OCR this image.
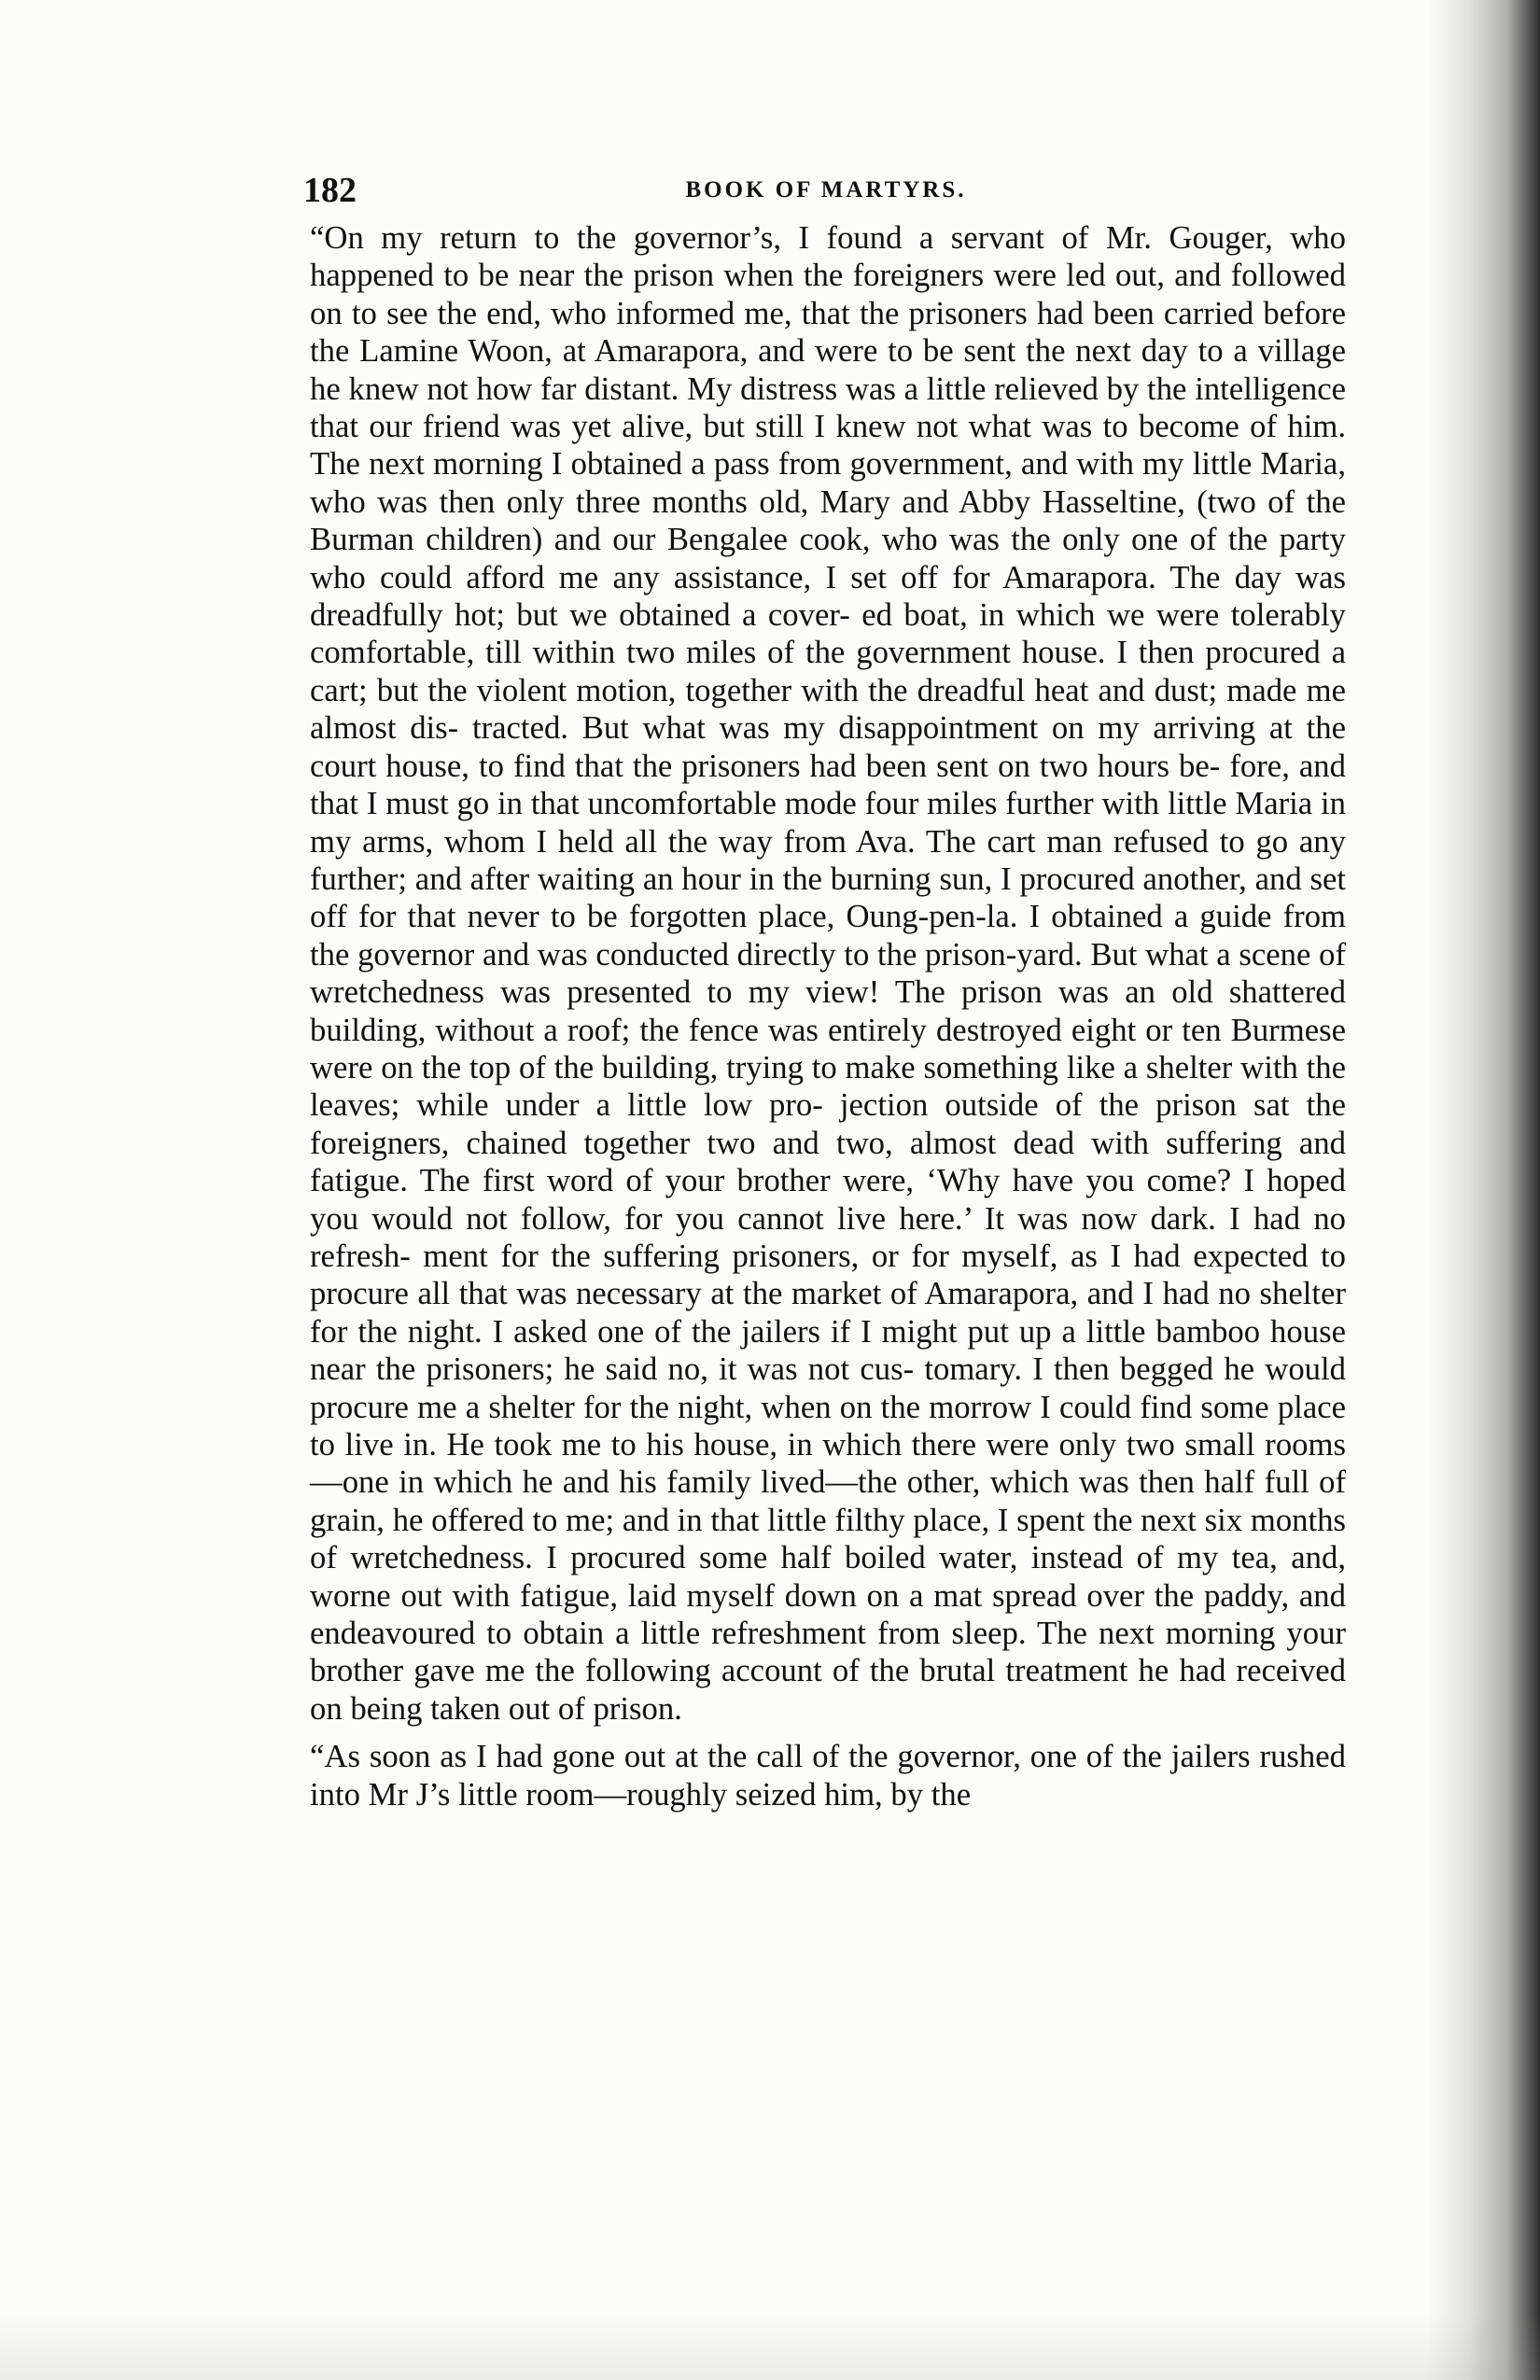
182	BOOK OF MARTYRS.

“On my return to the governor’s, I found a servant of Mr. Gouger, who happened to be near the prison when the foreigners were led out, and followed on to see the end, who informed me, that the prisoners had been carried before the Lamine Woon, at Amarapora, and were to be sent the next day to a village he knew not how far distant. My distress was a little relieved by the intelligence that our friend was yet alive, but still I knew not what was to become of him. The next morning I obtained a pass from government, and with my little Maria, who was then only three months old, Mary and Abby Hasseltine, (two of the Burman children) and our Bengalee cook, who was the only one of the party who could afford me any assistance, I set off for Amarapora. The day was dreadfully hot; but we obtained a cover- ed boat, in which we were tolerably comfortable, till within two miles of the government house. I then procured a cart; but the violent motion, together with the dreadful heat and dust; made me almost dis- tracted. But what was my disappointment on my arriving at the court house, to find that the prisoners had been sent on two hours be- fore, and that I must go in that uncomfortable mode four miles further with little Maria in my arms, whom I held all the way from Ava. The cart man refused to go any further; and after waiting an hour in the burning sun, I procured another, and set off for that never to be forgotten place, Oung-pen-la. I obtained a guide from the governor and was conducted directly to the prison-yard. But what a scene of wretchedness was presented to my view! The prison was an old shattered building, without a roof; the fence was entirely destroyed eight or ten Burmese were on the top of the building, trying to make something like a shelter with the leaves; while under a little low pro- jection outside of the prison sat the foreigners, chained together two and two, almost dead with suffering and fatigue. The first word of your brother were, ‘Why have you come? I hoped you would not follow, for you cannot live here.’ It was now dark. I had no refresh- ment for the suffering prisoners, or for myself, as I had expected to procure all that was necessary at the market of Amarapora, and I had no shelter for the night. I asked one of the jailers if I might put up a little bamboo house near the prisoners; he said no, it was not cus- tomary. I then begged he would procure me a shelter for the night, when on the morrow I could find some place to live in. He took me to his house, in which there were only two small rooms—one in which he and his family lived—the other, which was then half full of grain, he offered to me; and in that little filthy place, I spent the next six months of wretchedness. I procured some half boiled water, instead of my tea, and, worne out with fatigue, laid myself down on a mat spread over the paddy, and endeavoured to obtain a little refreshment from sleep. The next morning your brother gave me the following account of the brutal treatment he had received on being taken out of prison.

“As soon as I had gone out at the call of the governor, one of the jailers rushed into Mr J’s little room—roughly seized him, by the
